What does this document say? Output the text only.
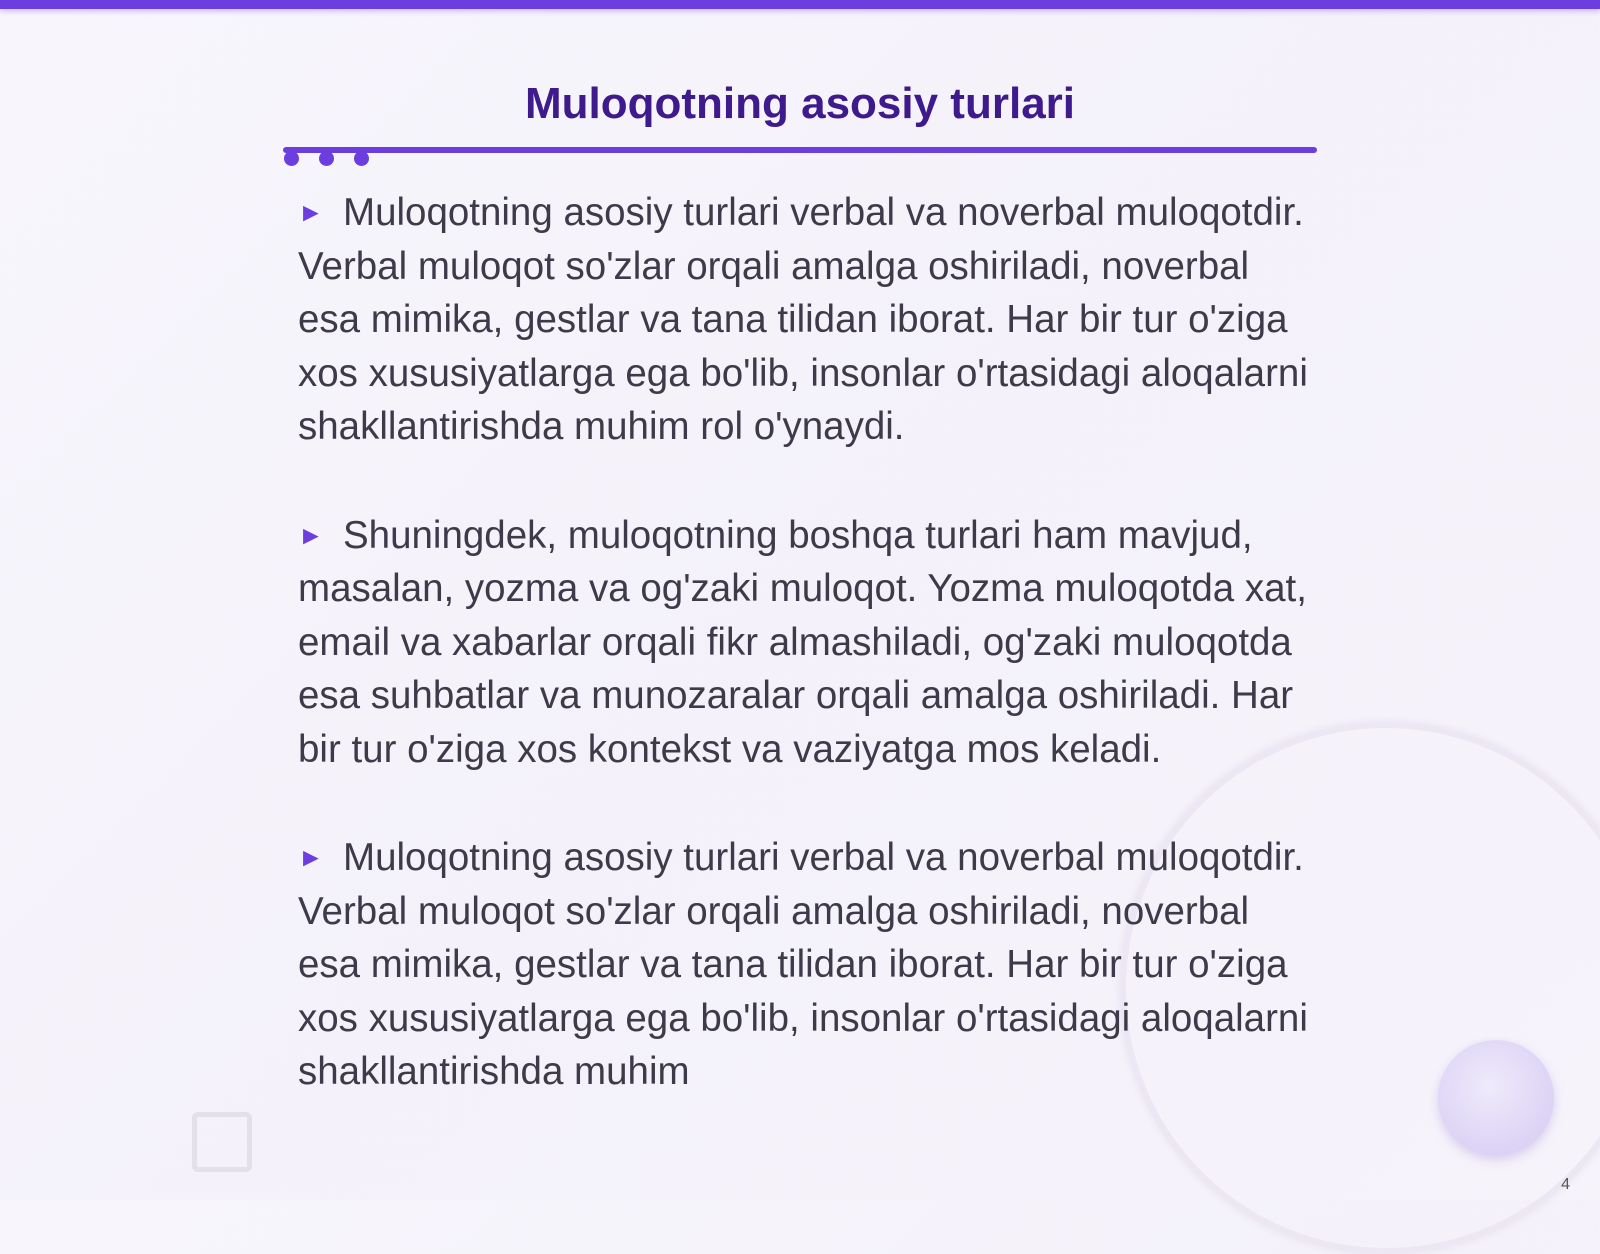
Muloqotning asosiy turlari

► Muloqotning asosiy turlari verbal va noverbal muloqotdir. Verbal muloqot so'zlar orqali amalga oshiriladi, noverbal esa mimika, gestlar va tana tilidan iborat. Har bir tur o'ziga xos xususiyatlarga ega bo'lib, insonlar o'rtasidagi aloqalarni shakllantirishda muhim rol o'ynaydi.

► Shuningdek, muloqotning boshqa turlari ham mavjud, masalan, yozma va og'zaki muloqot. Yozma muloqotda xat, email va xabarlar orqali fikr almashiladi, og'zaki muloqotda esa suhbatlar va munozaralar orqali amalga oshiriladi. Har bir tur o'ziga xos kontekst va vaziyatga mos keladi.

► Muloqotning asosiy turlari verbal va noverbal muloqotdir. Verbal muloqot so'zlar orqali amalga oshiriladi, noverbal esa mimika, gestlar va tana tilidan iborat. Har bir tur o'ziga xos xususiyatlarga ega bo'lib, insonlar o'rtasidagi aloqalarni shakllantirishda muhim

4
